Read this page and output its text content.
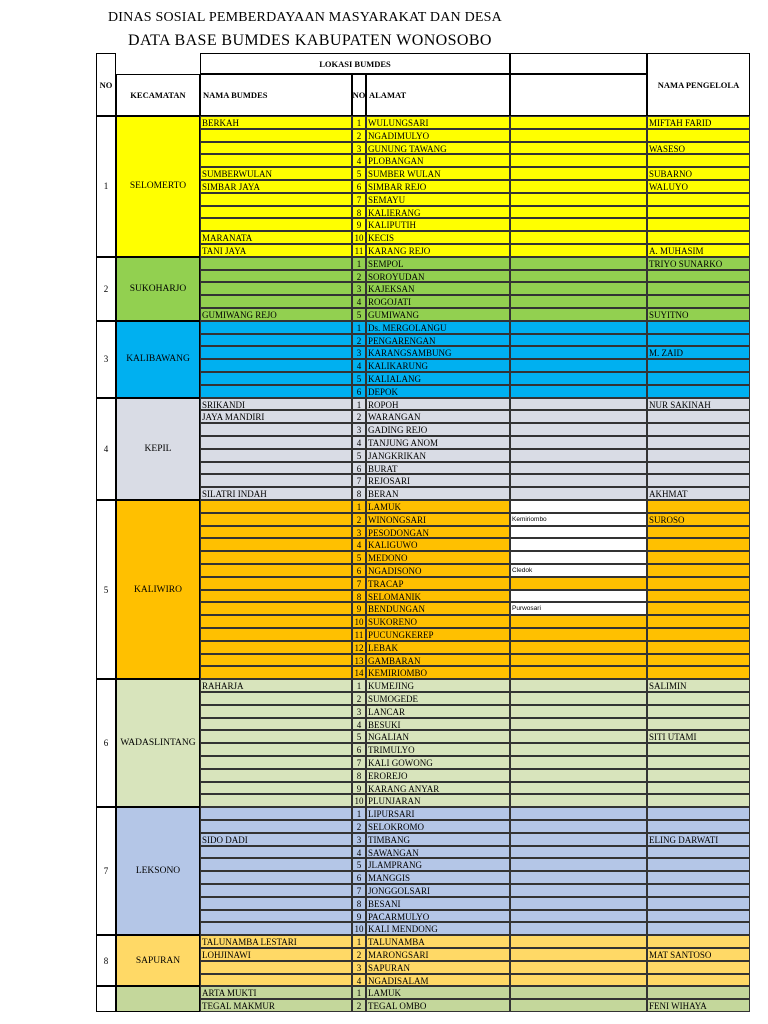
DINAS SOSIAL PEMBERDAYAAN MASYARAKAT DAN DESA
DATA BASE BUMDES KABUPATEN WONOSOBO
NO
LOKASI BUMDES
KECAMATAN	NAMA BUMDES	NO ALAMAT
NAMA PENGELOLA
1	SELOMERTO
BERKAH	1 WULUNGSARI	MIFTAH FARID
2 NGADIMULYO
3 GUNUNG TAWANG	WASESO
4 PLOBANGAN
SUMBERWULAN	5 SUMBER WULAN	SUBARNO
SIMBAR JAYA	6 SIMBAR REJO	WALUYO
7 SEMAYU
8 KALIERANG
9 KALIPUTIH
MARANATA	10 KECIS
TANI JAYA	11 KARANG REJO	A. MUHASIM
2	SUKOHARJO
1 SEMPOL	TRIYO SUNARKO
2 SOROYUDAN
3 KAJEKSAN
4 ROGOJATI
GUMIWANG REJO	5 GUMIWANG	SUYITNO
3	KALIBAWANG
1 Ds. MERGOLANGU
2 PENGARENGAN
3 KARANGSAMBUNG	M. ZAID
4 KALIKARUNG
5 KALIALANG
6 DEPOK
4	KEPIL
SRIKANDI	1 ROPOH	NUR SAKINAH
JAYA MANDIRI	2 WARANGAN
3 GADING REJO
4 TANJUNG ANOM
5 JANGKRIKAN
6 BURAT
7 REJOSARI
SILATRI INDAH	8 BERAN	AKHMAT
5	KALIWIRO
1 LAMUK
2 WINONGSARI	Kemiriombo	SUROSO
3 PESODONGAN
4 KALIGUWO
5 MEDONO
6 NGADISONO	Cledok
7 TRACAP
8 SELOMANIK
9 BENDUNGAN	Purwosari
10 SUKORENO
11 PUCUNGKEREP
12 LEBAK
13 GAMBARAN
14 KEMIRIOMBO
6	WADASLINTANG
RAHARJA	1 KUMEJING	SALIMIN
2 SUMOGEDE
3 LANCAR
4 BESUKI
5 NGALIAN	SITI UTAMI
6 TRIMULYO
7 KALI GOWONG
8 EROREJO
9 KARANG ANYAR
10 PLUNJARAN
7	LEKSONO
1 LIPURSARI
2 SELOKROMO
SIDO DADI	3 TIMBANG	ELING DARWATI
4 SAWANGAN
5 JLAMPRANG
6 MANGGIS
7 JONGGOLSARI
8 BESANI
9 PACARMULYO
10 KALI MENDONG
8	SAPURAN
TALUNAMBA LESTARI	1 TALUNAMBA
LOHJINAWI	2 MARONGSARI	MAT SANTOSO
3 SAPURAN
4 NGADISALAM
ARTA MUKTI	1 LAMUK
TEGAL MAKMUR	2 TEGAL OMBO	FENI WIHAYA
